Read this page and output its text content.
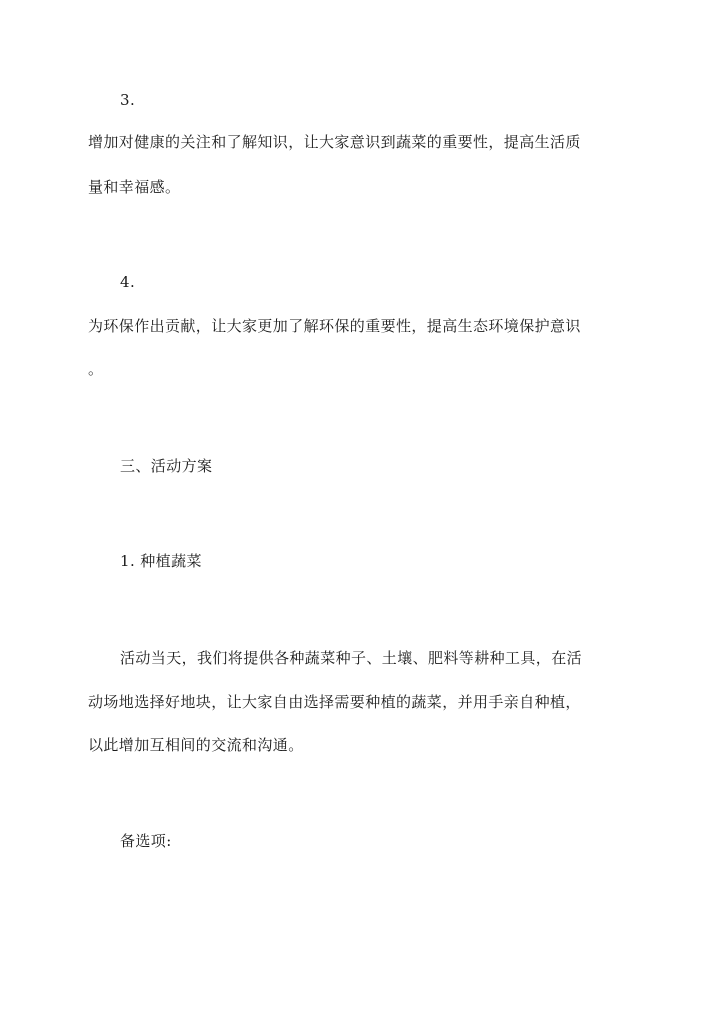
3.
增加对健康的关注和了解知识，让大家意识到蔬菜的重要性，提高生活质
量和幸福感。
4.
为环保作出贡献，让大家更加了解环保的重要性，提高生态环境保护意识
。
三、活动方案
1. 种植蔬菜
活动当天，我们将提供各种蔬菜种子、土壤、肥料等耕种工具，在活
动场地选择好地块，让大家自由选择需要种植的蔬菜，并用手亲自种植，
以此增加互相间的交流和沟通。
备选项:
